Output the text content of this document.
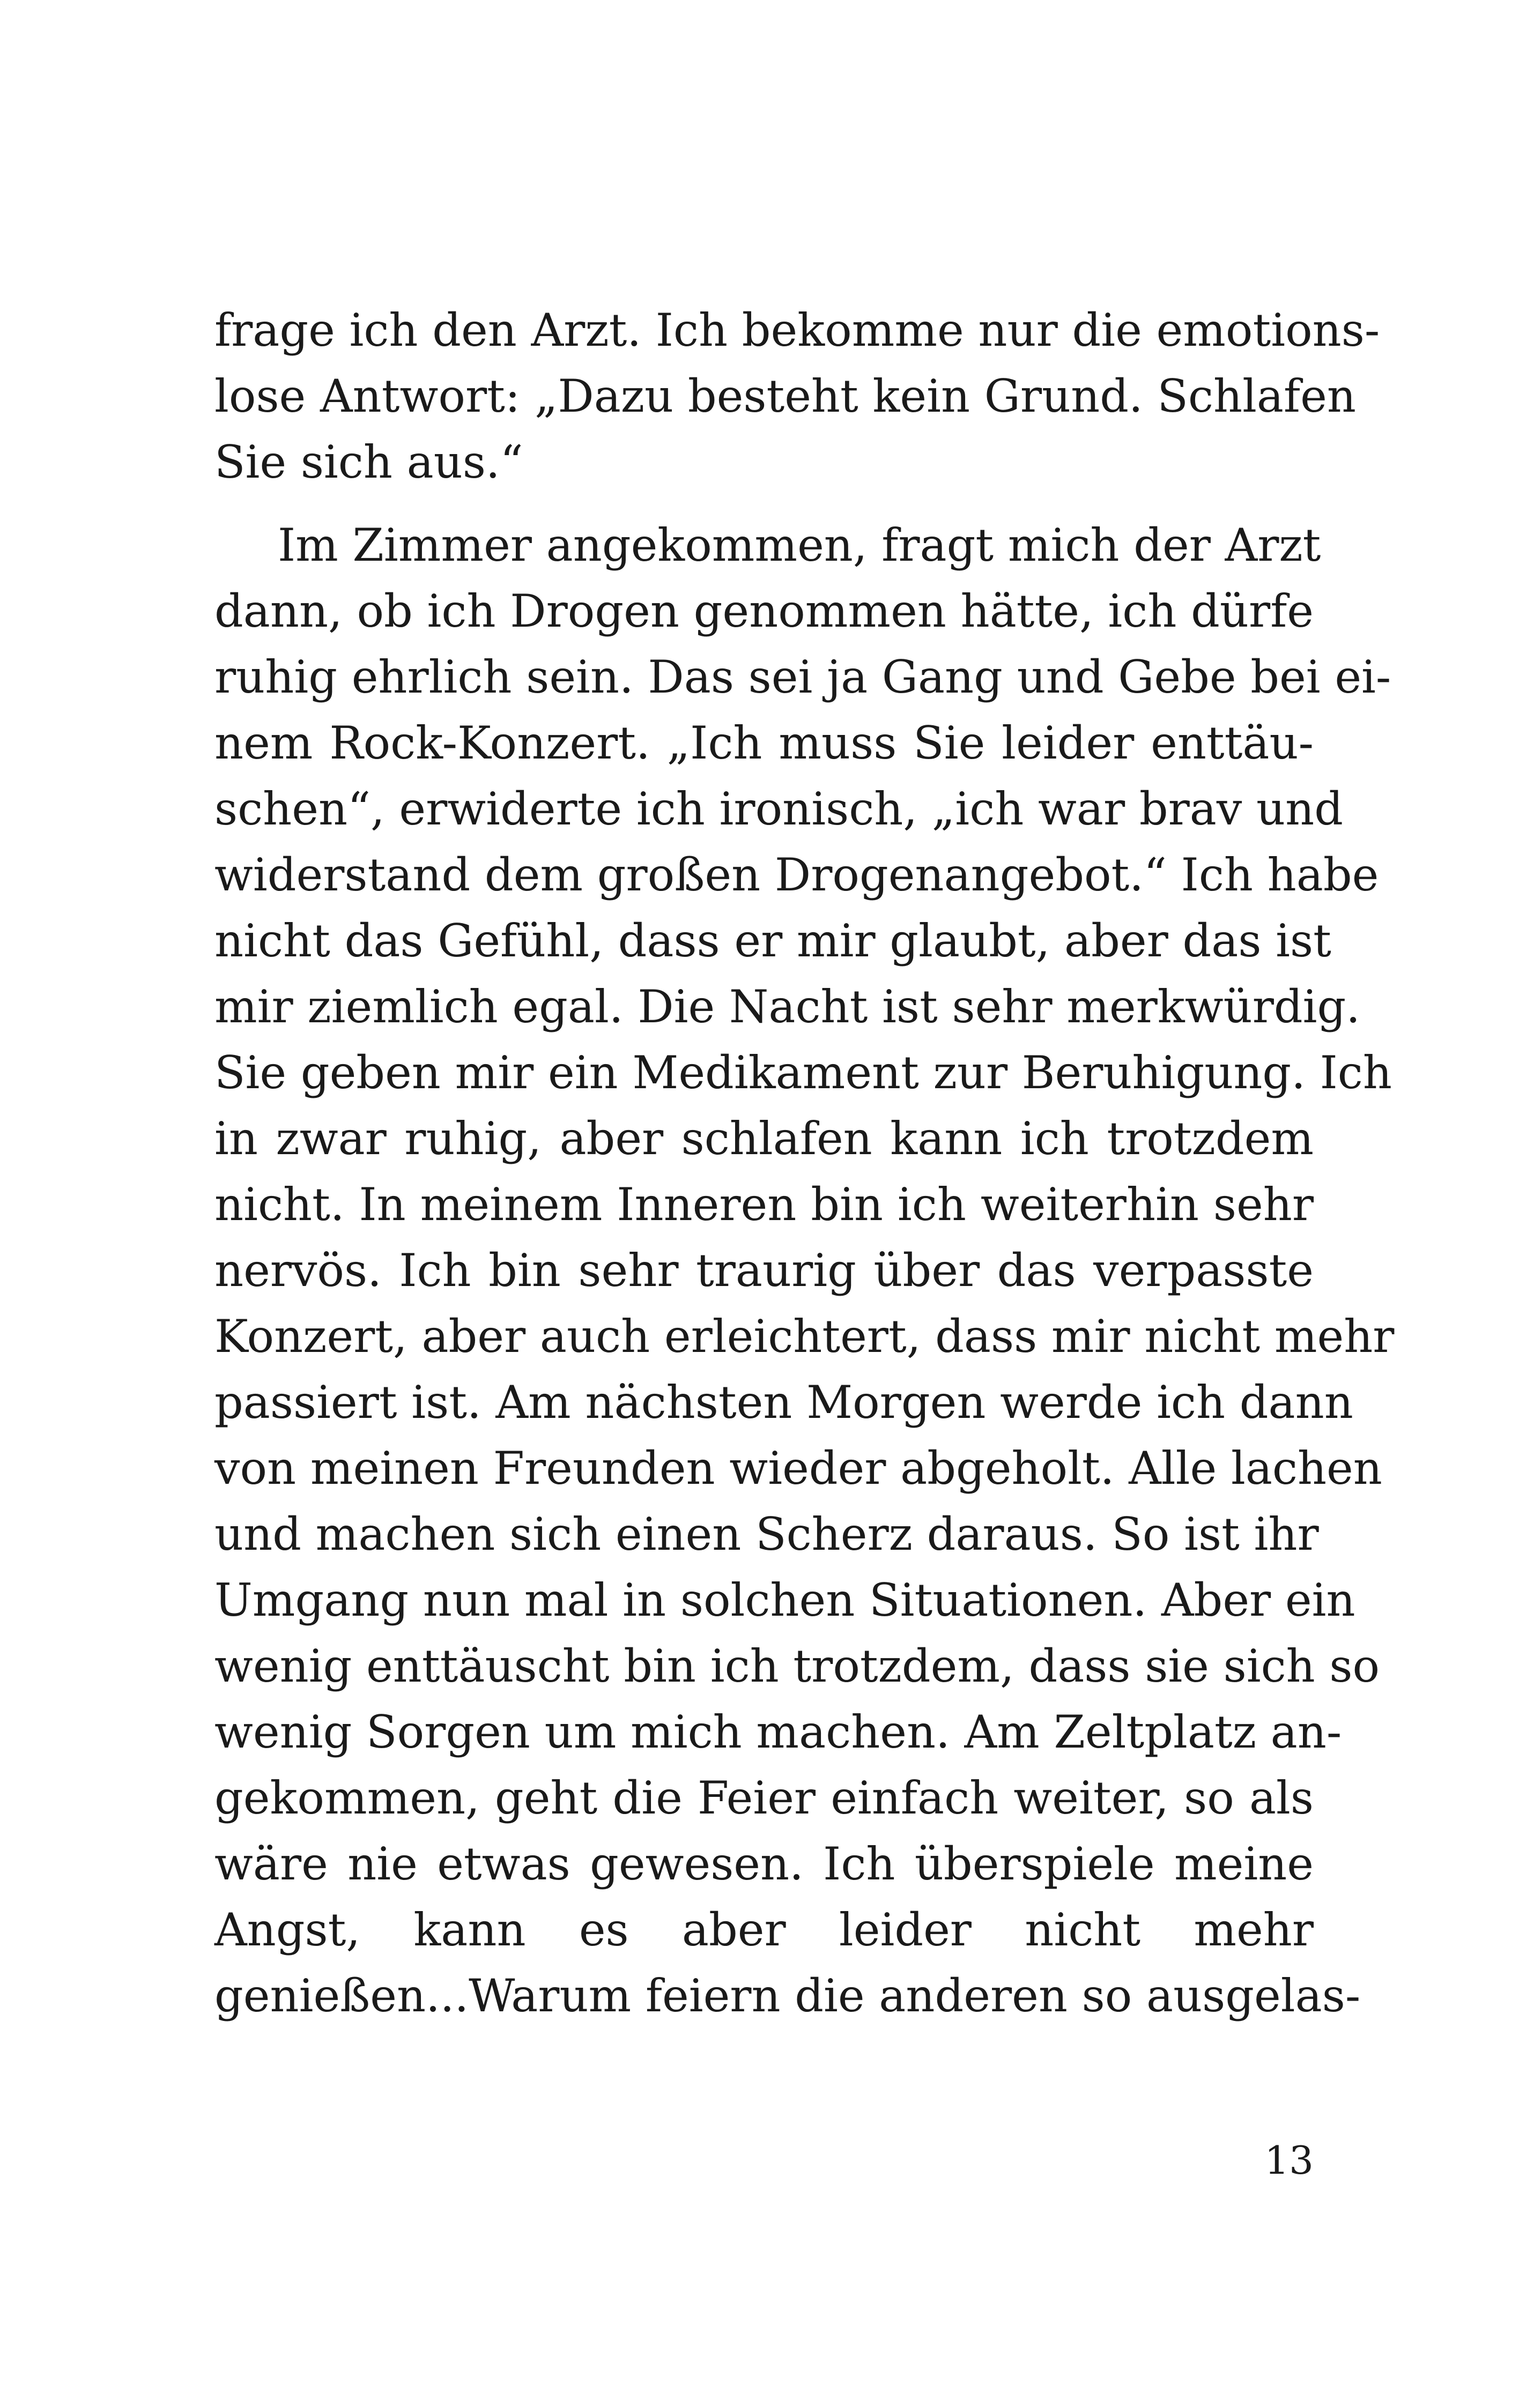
frage ich den Arzt. Ich bekomme nur die emotions-
lose Antwort: „Dazu besteht kein Grund. Schlafen
Sie sich aus.“
Im Zimmer angekommen, fragt mich der Arzt
dann, ob ich Drogen genommen hätte, ich dürfe
ruhig ehrlich sein. Das sei ja Gang und Gebe bei ei-
nem Rock-Konzert. „Ich muss Sie leider enttäu-
schen“, erwiderte ich ironisch, „ich war brav und
widerstand dem großen Drogenangebot.“ Ich habe
nicht das Gefühl, dass er mir glaubt, aber das ist
mir ziemlich egal. Die Nacht ist sehr merkwürdig.
Sie geben mir ein Medikament zur Beruhigung. Ich
in zwar ruhig, aber schlafen kann ich trotzdem
nicht. In meinem Inneren bin ich weiterhin sehr
nervös. Ich bin sehr traurig über das verpasste
Konzert, aber auch erleichtert, dass mir nicht mehr
passiert ist. Am nächsten Morgen werde ich dann
von meinen Freunden wieder abgeholt. Alle lachen
und machen sich einen Scherz daraus. So ist ihr
Umgang nun mal in solchen Situationen. Aber ein
wenig enttäuscht bin ich trotzdem, dass sie sich so
wenig Sorgen um mich machen. Am Zeltplatz an-
gekommen, geht die Feier einfach weiter, so als
wäre nie etwas gewesen. Ich überspiele meine
Angst, kann es aber leider nicht mehr
genießen...Warum feiern die anderen so ausgelas-
13
